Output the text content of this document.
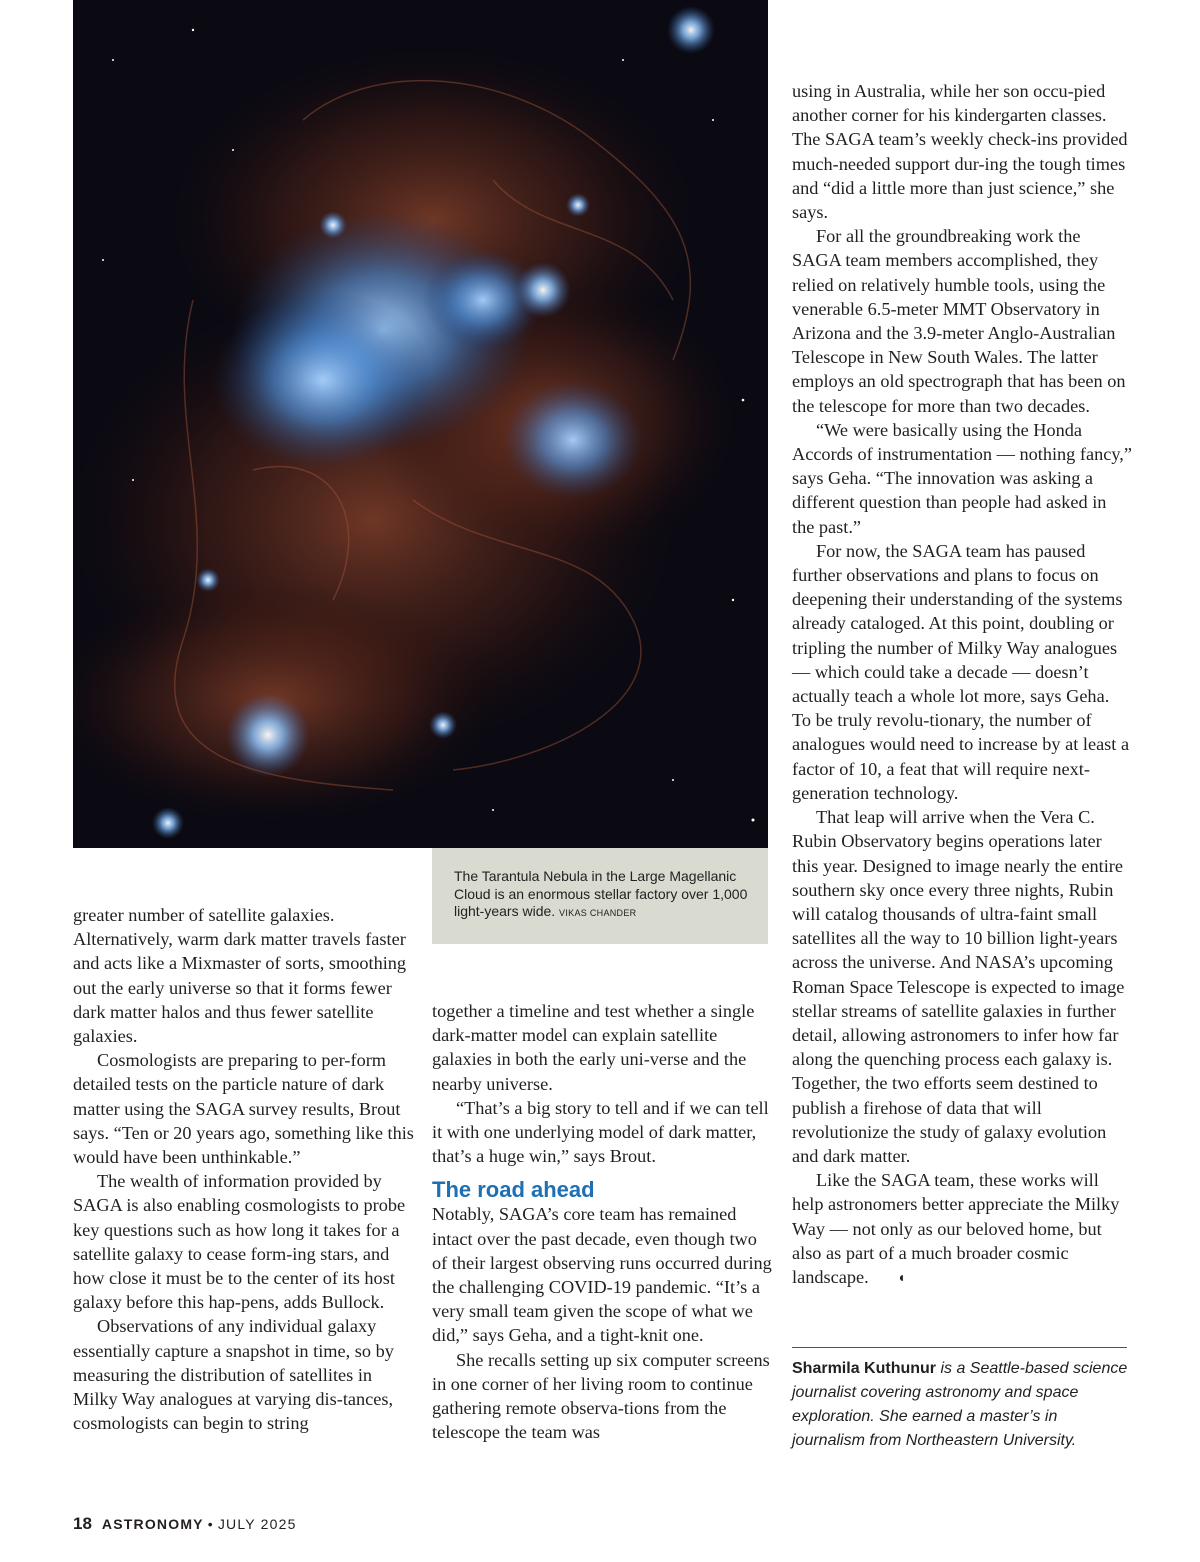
The Tarantula Nebula in the Large Magellanic Cloud is an enormous stellar factory over 1,000 light-years wide. VIKAS CHANDER

greater number of satellite galaxies. Alternatively, warm dark matter travels faster and acts like a Mixmaster of sorts, smoothing out the early universe so that it forms fewer dark matter halos and thus fewer satellite galaxies.

Cosmologists are preparing to per-form detailed tests on the particle nature of dark matter using the SAGA survey results, Brout says. “Ten or 20 years ago, something like this would have been unthinkable.”

The wealth of information provided by SAGA is also enabling cosmologists to probe key questions such as how long it takes for a satellite galaxy to cease form-ing stars, and how close it must be to the center of its host galaxy before this hap-pens, adds Bullock.

Observations of any individual galaxy essentially capture a snapshot in time, so by measuring the distribution of satellites in Milky Way analogues at varying dis-tances, cosmologists can begin to string

together a timeline and test whether a single dark-matter model can explain satellite galaxies in both the early uni-verse and the nearby universe.

“That’s a big story to tell and if we can tell it with one underlying model of dark matter, that’s a huge win,” says Brout.

The road ahead

Notably, SAGA’s core team has remained intact over the past decade, even though two of their largest observing runs occurred during the challenging COVID-19 pandemic. “It’s a very small team given the scope of what we did,” says Geha, and a tight-knit one.

She recalls setting up six computer screens in one corner of her living room to continue gathering remote observa-tions from the telescope the team was

using in Australia, while her son occu-pied another corner for his kindergarten classes. The SAGA team’s weekly check-ins provided much-needed support dur-ing the tough times and “did a little more than just science,” she says.

For all the groundbreaking work the SAGA team members accomplished, they relied on relatively humble tools, using the venerable 6.5-meter MMT Observatory in Arizona and the 3.9-meter Anglo-Australian Telescope in New South Wales. The latter employs an old spectrograph that has been on the telescope for more than two decades.

“We were basically using the Honda Accords of instrumentation — nothing fancy,” says Geha. “The innovation was asking a different question than people had asked in the past.”

For now, the SAGA team has paused further observations and plans to focus on deepening their understanding of the systems already cataloged. At this point, doubling or tripling the number of Milky Way analogues — which could take a decade — doesn’t actually teach a whole lot more, says Geha. To be truly revolu-tionary, the number of analogues would need to increase by at least a factor of 10, a feat that will require next-generation technology.

That leap will arrive when the Vera C. Rubin Observatory begins operations later this year. Designed to image nearly the entire southern sky once every three nights, Rubin will catalog thousands of ultra-faint small satellites all the way to 10 billion light-years across the universe. And NASA’s upcoming Roman Space Telescope is expected to image stellar streams of satellite galaxies in further detail, allowing astronomers to infer how far along the quenching process each galaxy is. Together, the two efforts seem destined to publish a firehose of data that will revolutionize the study of galaxy evolution and dark matter.

Like the SAGA team, these works will help astronomers better appreciate the Milky Way — not only as our beloved home, but also as part of a much broader cosmic landscape. ◖

Sharmila Kuthunur is a Seattle-based science journalist covering astronomy and space exploration. She earned a master’s in journalism from Northeastern University.
18 ASTRONOMY • JULY 2025
